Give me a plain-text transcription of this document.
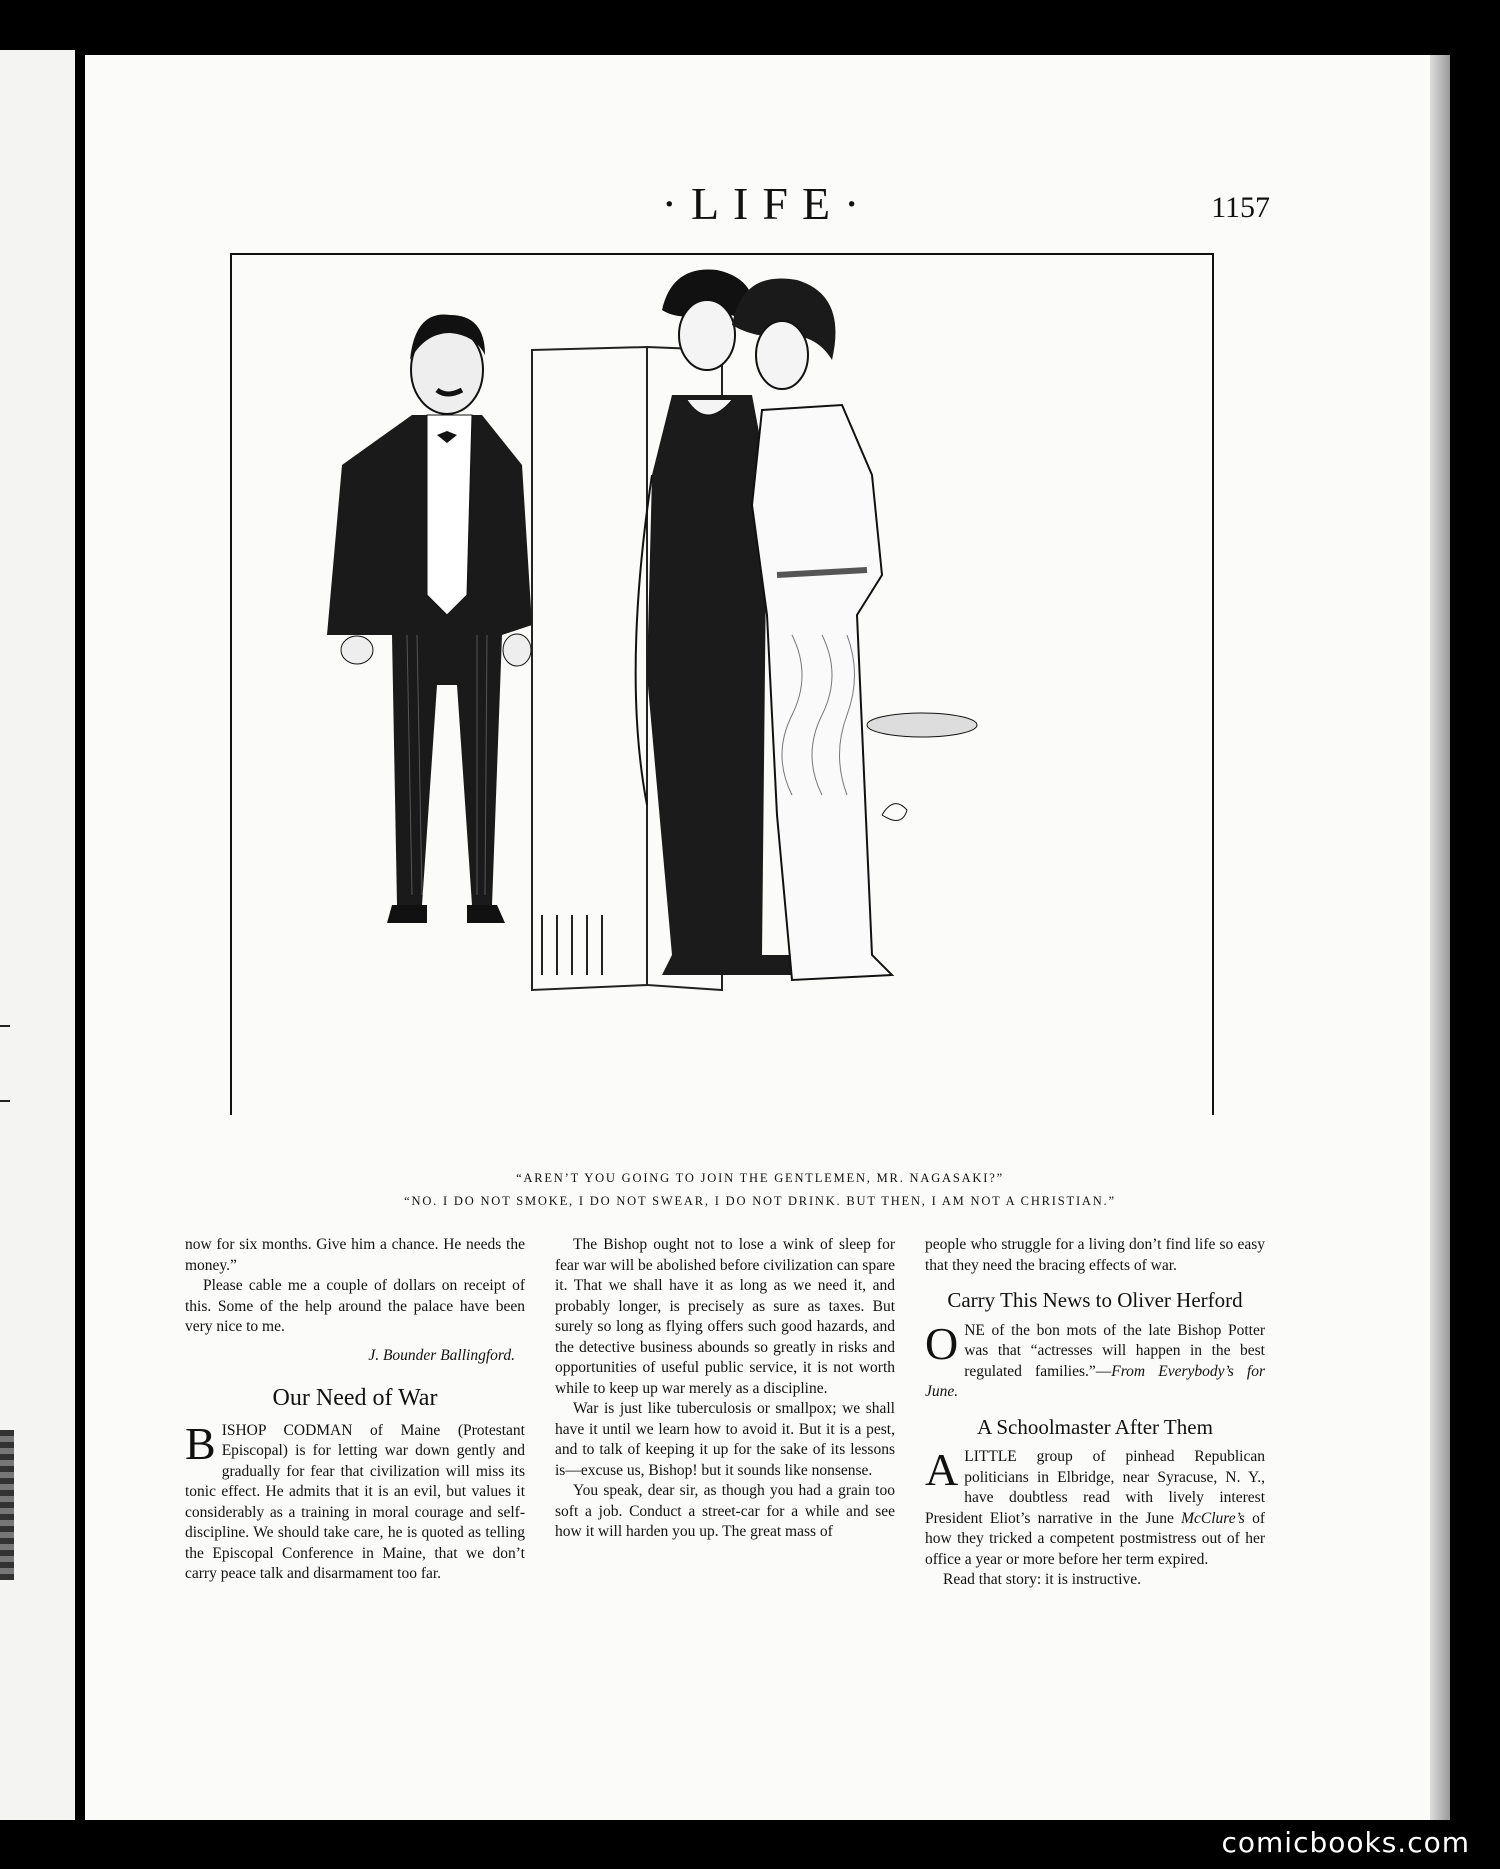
·LIFE·	1157
“AREN’T YOU GOING TO JOIN THE GENTLEMEN, MR. NAGASAKI?”
“NO. I DO NOT SMOKE, I DO NOT SWEAR, I DO NOT DRINK. BUT THEN, I AM NOT A CHRISTIAN.”

now for six months. Give him a chance. He needs the money.”

Please cable me a couple of dollars on receipt of this. Some of the help around the palace have been very nice to me.

J. Bounder Ballingford.
Our Need of War

BISHOP CODMAN of Maine (Protestant Episcopal) is for letting war down gently and gradually for fear that civilization will miss its tonic effect. He admits that it is an evil, but values it considerably as a training in moral courage and self-discipline. We should take care, he is quoted as telling the Episcopal Conference in Maine, that we don’t carry peace talk and disarmament too far.

The Bishop ought not to lose a wink of sleep for fear war will be abolished before civilization can spare it. That we shall have it as long as we need it, and probably longer, is precisely as sure as taxes. But surely so long as flying offers such good hazards, and the detective business abounds so greatly in risks and opportunities of useful public service, it is not worth while to keep up war merely as a discipline.

War is just like tuberculosis or smallpox; we shall have it until we learn how to avoid it. But it is a pest, and to talk of keeping it up for the sake of its lessons is—excuse us, Bishop! but it sounds like nonsense.

You speak, dear sir, as though you had a grain too soft a job. Conduct a street-car for a while and see how it will harden you up. The great mass of

people who struggle for a living don’t find life so easy that they need the bracing effects of war.

Carry This News to Oliver Herford

ONE of the bon mots of the late Bishop Potter was that “actresses will happen in the best regulated families.”—From Everybody’s for June.

A Schoolmaster After Them

ALITTLE group of pinhead Republican politicians in Elbridge, near Syracuse, N. Y., have doubtless read with lively interest President Eliot’s narrative in the June McClure’s of how they tricked a competent postmistress out of her office a year or more before her term expired.

Read that story: it is instructive.

comicbooks.com
